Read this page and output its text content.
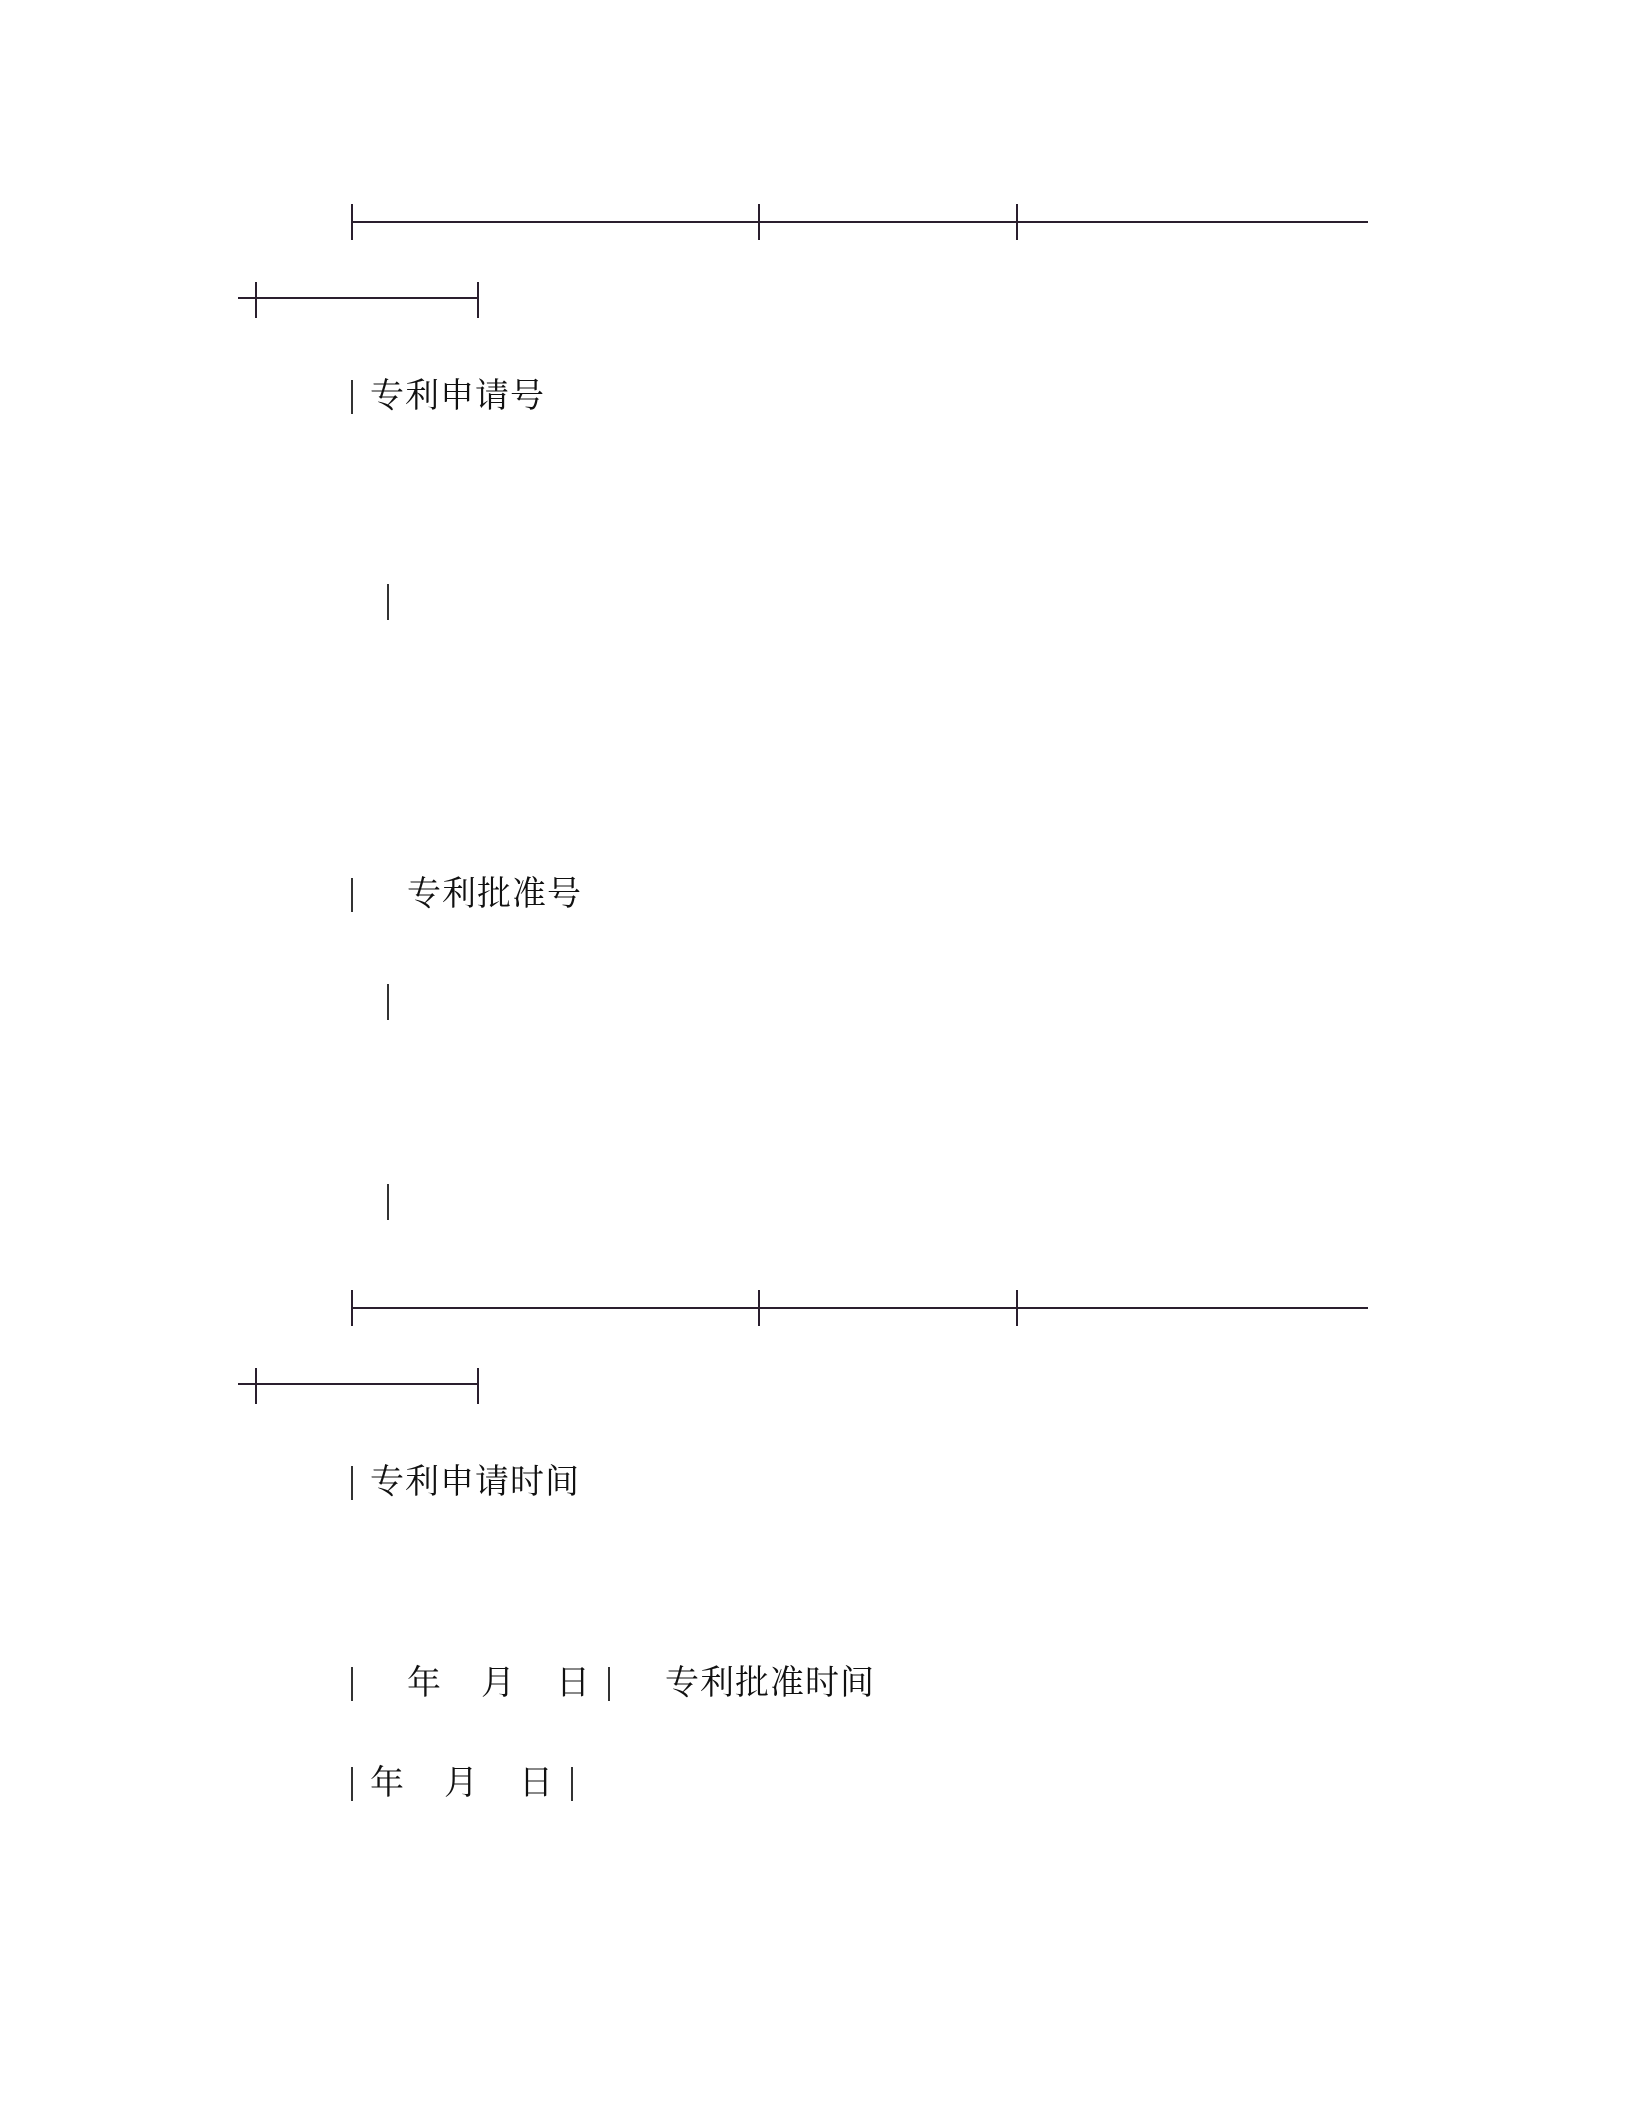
专利申请号
专利批准号
专利申请时间
年 月 日 专利批准时间
年 月 日
